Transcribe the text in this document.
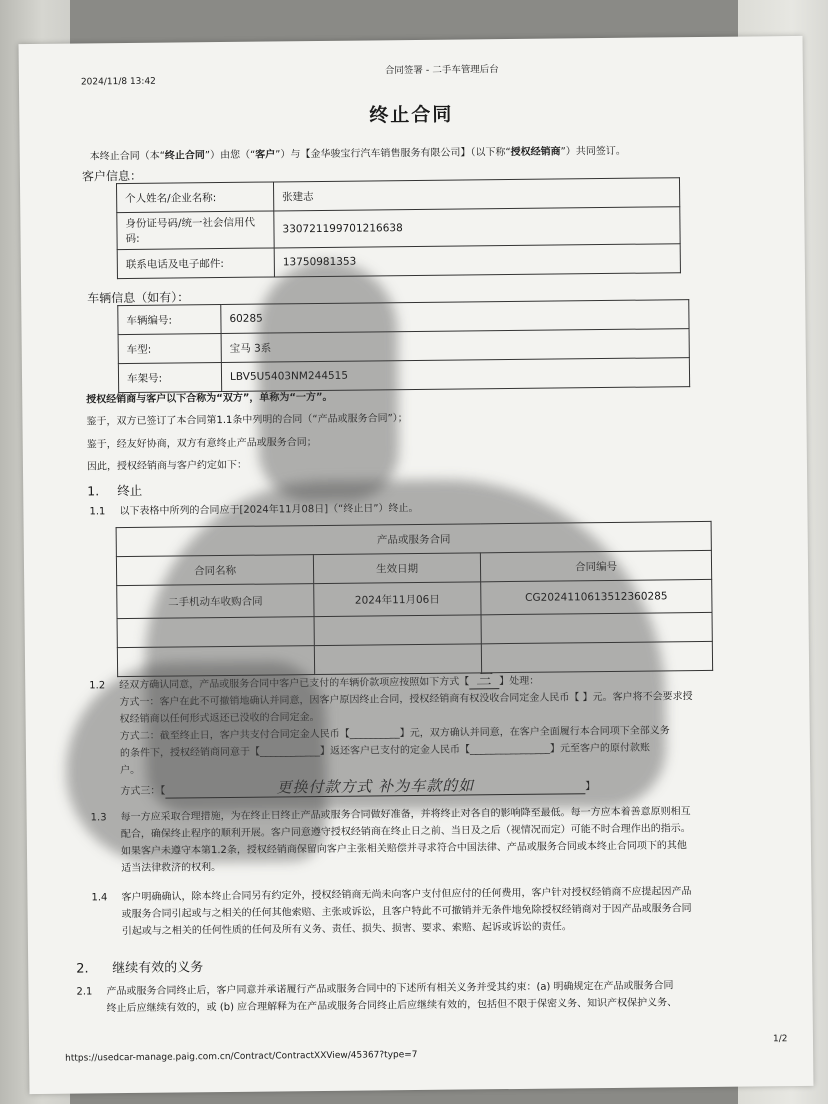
2024/11/8 13:42
合同签署 - 二手车管理后台
终止合同
本终止合同（本“终止合同”）由您（“客户”）与【金华骏宝行汽车销售服务有限公司】（以下称“授权经销商”）共同签订。
客户信息：
个人姓名/企业名称:	张建志
身份证号码/统一社会信用代码:	330721199701216638
联系电话及电子邮件:	13750981353
车辆信息（如有）：
车辆编号:	60285
车型:	宝马 3系
车架号:	LBV5U5403NM244515
授权经销商与客户以下合称为“双方”，单称为“一方”。
鉴于，双方已签订了本合同第1.1条中列明的合同（“产品或服务合同”）；
鉴于，经友好协商，双方有意终止产品或服务合同；
因此，授权经销商与客户约定如下：
1. 终止
1.1 以下表格中所列的合同应于[2024年11月08日]（“终止日”）终止。
产品或服务合同		
合同名称	生效日期	合同编号
二手机动车收购合同	2024年11月06日	CG2024110613512360285

1.2 经双方确认同意，产品或服务合同中客户已支付的车辆价款项应按照如下方式【 三 】处理：
方式一：客户在此不可撤销地确认并同意，因客户原因终止合同，授权经销商有权没收合同定金人民币【 】元。客户将不会要求授
权经销商以任何形式返还已没收的合同定金。
方式二：截至终止日，客户共支付合同定金人民币【__________】元，双方确认并同意，在客户全面履行本合同项下全部义务
的条件下，授权经销商同意于【____________】返还客户已支付的定金人民币【________________】元至客户的原付款账
户。
方式三：【	更换付款方式 补为车款的如	】
1.3 每一方应采取合理措施，为在终止日终止产品或服务合同做好准备，并将终止对各自的影响降至最低。每一方应本着善意原则相互
配合，确保终止程序的顺利开展。客户同意遵守授权经销商在终止日之前、当日及之后（视情况而定）可能不时合理作出的指示。
如果客户未遵守本第1.2条，授权经销商保留向客户主张相关赔偿并寻求符合中国法律、产品或服务合同或本终止合同项下的其他
适当法律救济的权利。
1.4 客户明确确认，除本终止合同另有约定外，授权经销商无尚未向客户支付但应付的任何费用，客户针对授权经销商不应提起因产品
或服务合同引起或与之相关的任何其他索赔、主张或诉讼，且客户特此不可撤销并无条件地免除授权经销商对于因产品或服务合同
引起或与之相关的任何性质的任何及所有义务、责任、损失、损害、要求、索赔、起诉或诉讼的责任。
2. 继续有效的义务
2.1 产品或服务合同终止后，客户同意并承诺履行产品或服务合同中的下述所有相关义务并受其约束：(a) 明确规定在产品或服务合同
终止后应继续有效的，或 (b) 应合理解释为在产品或服务合同终止后应继续有效的，包括但不限于保密义务、知识产权保护义务、
https://usedcar-manage.paig.com.cn/Contract/ContractXXView/45367?type=7
1/2
